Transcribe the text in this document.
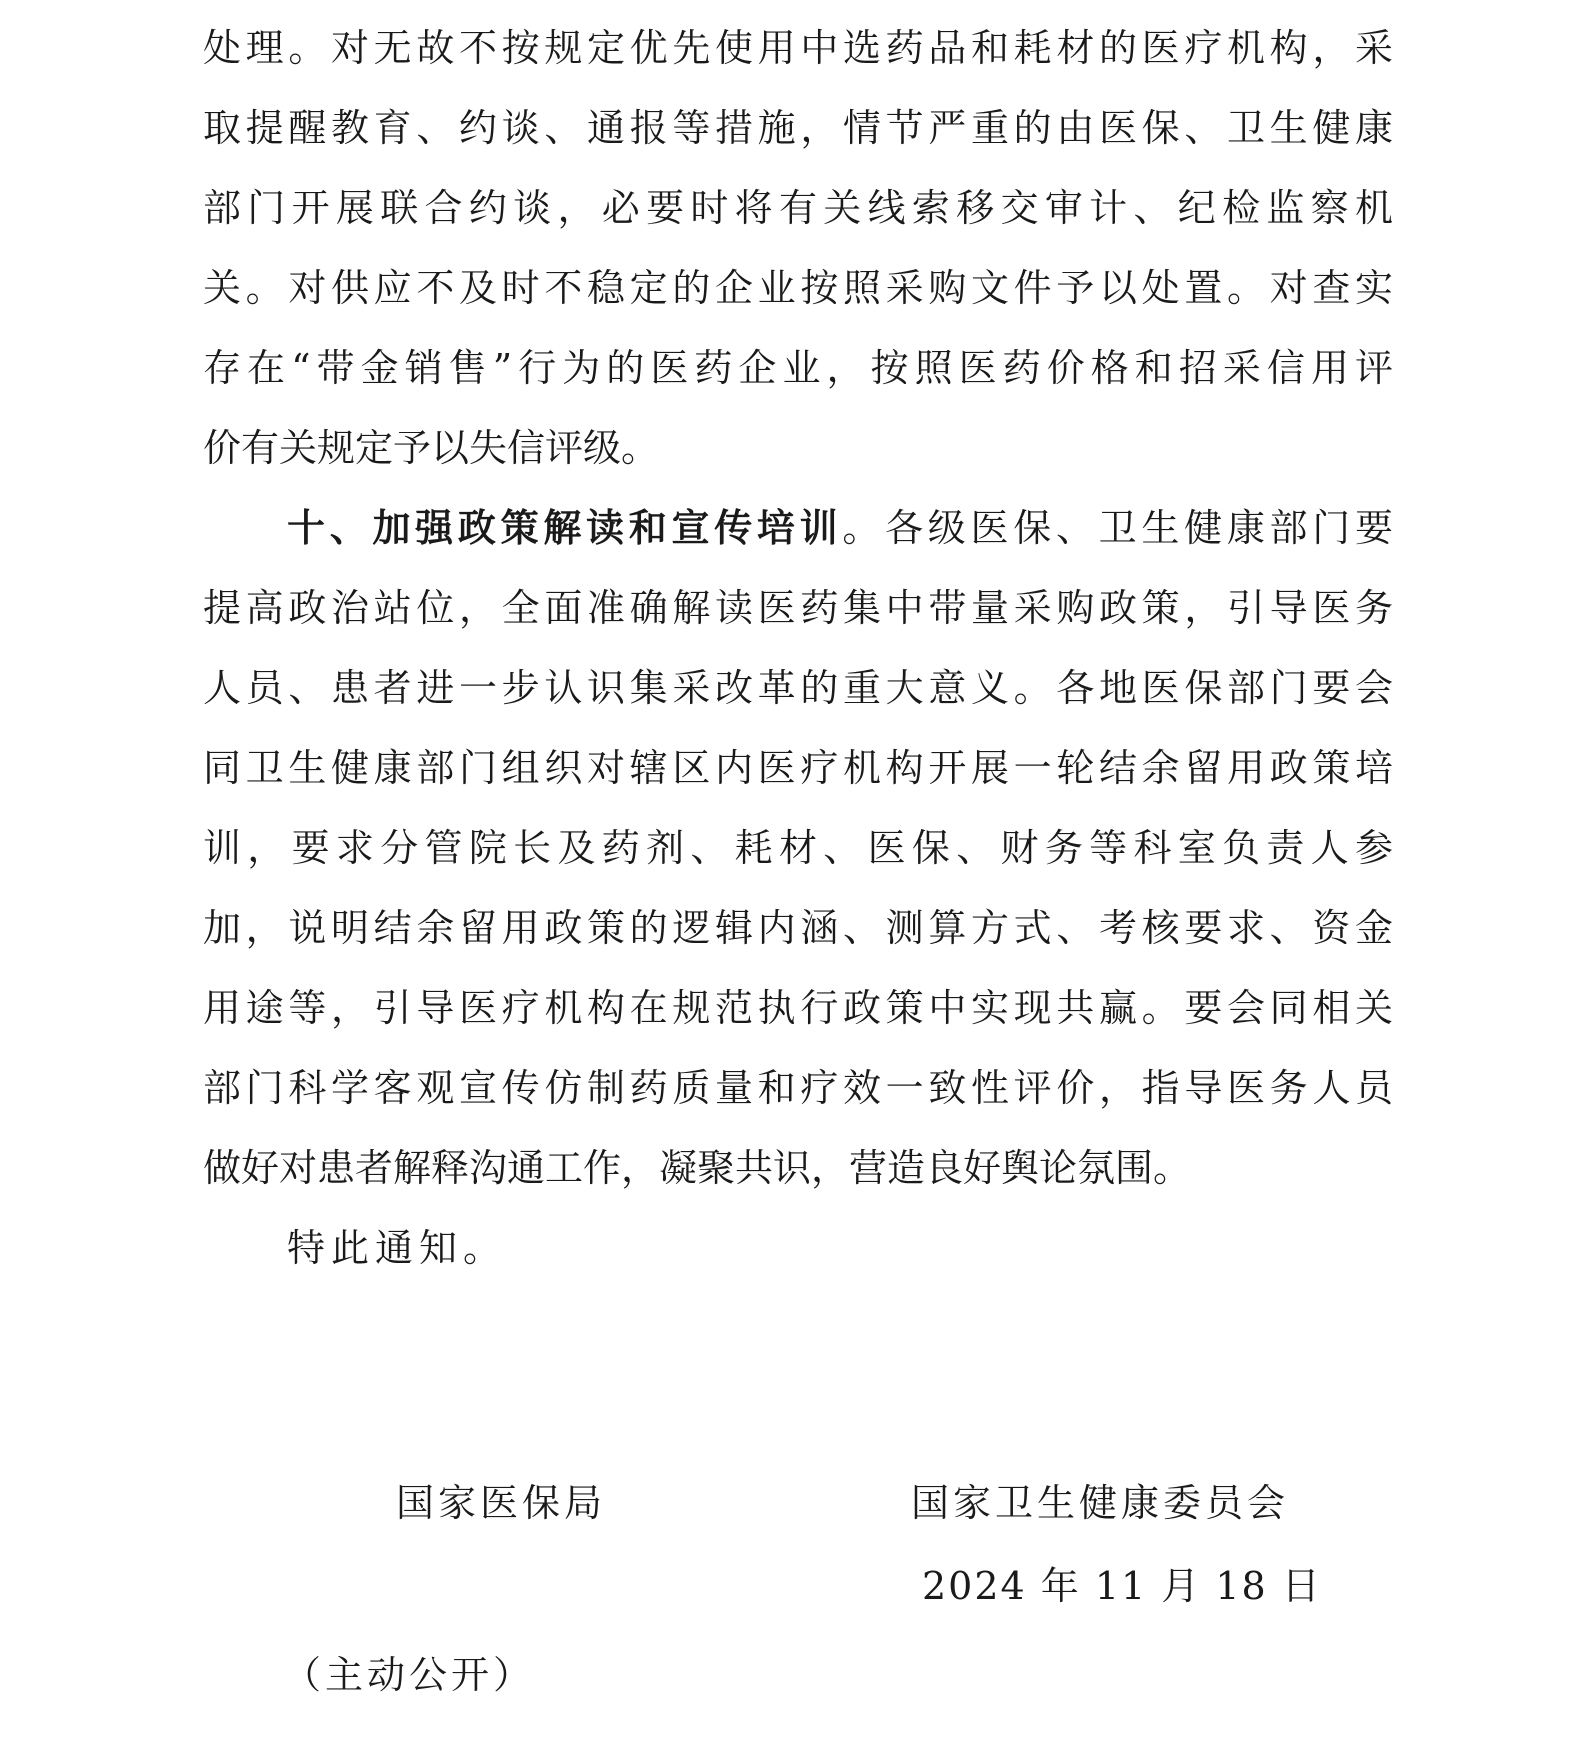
处理。对无故不按规定优先使用中选药品和耗材的医疗机构，采
取提醒教育、约谈、通报等措施，情节严重的由医保、卫生健康
部门开展联合约谈，必要时将有关线索移交审计、纪检监察机
关。对供应不及时不稳定的企业按照采购文件予以处置。对查实
存在“带金销售”行为的医药企业，按照医药价格和招采信用评
价有关规定予以失信评级。
十、加强政策解读和宣传培训。各级医保、卫生健康部门要
提高政治站位，全面准确解读医药集中带量采购政策，引导医务
人员、患者进一步认识集采改革的重大意义。各地医保部门要会
同卫生健康部门组织对辖区内医疗机构开展一轮结余留用政策培
训，要求分管院长及药剂、耗材、医保、财务等科室负责人参
加，说明结余留用政策的逻辑内涵、测算方式、考核要求、资金
用途等，引导医疗机构在规范执行政策中实现共赢。要会同相关
部门科学客观宣传仿制药质量和疗效一致性评价，指导医务人员
做好对患者解释沟通工作，凝聚共识，营造良好舆论氛围。
特此通知。
国家医保局	国家卫生健康委员会
2024 年 11 月 18 日
（主动公开）
